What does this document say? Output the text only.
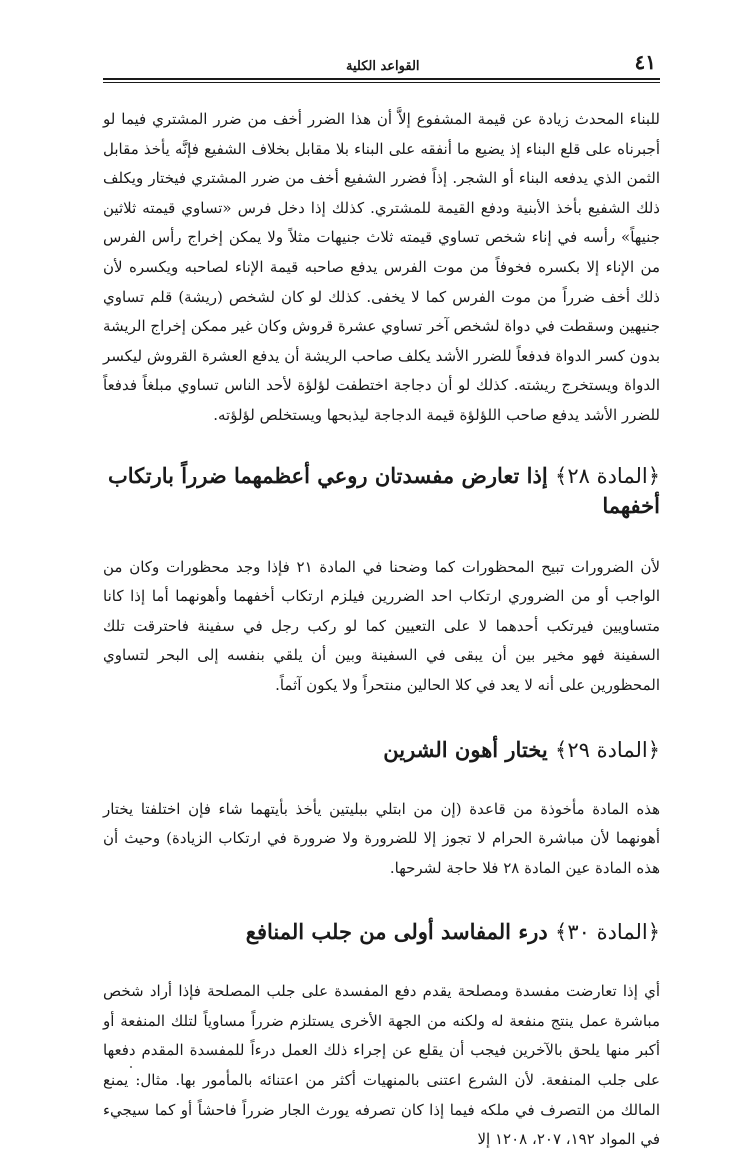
٤١
القواعد الكلية

للبناء المحدث زيادة عن قيمة المشفوع إلاَّ أن هذا الضرر أخف من ضرر المشتري فيما لو أجبرناه على قلع البناء إذ يضيع ما أنفقه على البناء بلا مقابل بخلاف الشفيع فإنَّه يأخذ مقابل الثمن الذي يدفعه البناء أو الشجر. إذاً فضرر الشفيع أخف من ضرر المشتري فيختار ويكلف ذلك الشفيع بأخذ الأبنية ودفع القيمة للمشتري. كذلك إذا دخل فرس «تساوي قيمته ثلاثين جنيهاً» رأسه في إناء شخص تساوي قيمته ثلاث جنيهات مثلاً ولا يمكن إخراج رأس الفرس من الإناء إلا بكسره فخوفاً من موت الفرس يدفع صاحبه قيمة الإناء لصاحبه ويكسره لأن ذلك أخف ضرراً من موت الفرس كما لا يخفى. كذلك لو كان لشخص (ريشة) قلم تساوي جنيهين وسقطت في دواة لشخص آخر تساوي عشرة قروش وكان غير ممكن إخراج الريشة بدون كسر الدواة فدفعاً للضرر الأشد يكلف صاحب الريشة أن يدفع العشرة القروش ليكسر الدواة ويستخرج ريشته. كذلك لو أن دجاجة اختطفت لؤلؤة لأحد الناس تساوي مبلغاً فدفعاً للضرر الأشد يدفع صاحب اللؤلؤة قيمة الدجاجة ليذبحها ويستخلص لؤلؤته.

﴿المادة ٢٨﴾ إذا تعارض مفسدتان روعي أعظمهما ضرراً بارتكاب أخفهما

لأن الضرورات تبيح المحظورات كما وضحنا في المادة ٢١ فإذا وجد محظورات وكان من الواجب أو من الضروري ارتكاب احد الضررين فيلزم ارتكاب أخفهما وأهونهما أما إذا كانا متساويين فيرتكب أحدهما لا على التعيين كما لو ركب رجل في سفينة فاحترقت تلك السفينة فهو مخير بين أن يبقى في السفينة وبين أن يلقي بنفسه إلى البحر لتساوي المحظورين على أنه لا يعد في كلا الحالين منتحراً ولا يكون آثماً.

﴿المادة ٢٩﴾ يختار أهون الشرين

هذه المادة مأخوذة من قاعدة (إن من ابتلي ببليتين يأخذ بأيتهما شاء فإن اختلفتا يختار أهونهما لأن مباشرة الحرام لا تجوز إلا للضرورة ولا ضرورة في ارتكاب الزيادة) وحيث أن هذه المادة عين المادة ٢٨ فلا حاجة لشرحها.

﴿المادة ٣٠﴾ درء المفاسد أولى من جلب المنافع

أي إذا تعارضت مفسدة ومصلحة يقدم دفع المفسدة على جلب المصلحة فإذا أراد شخص مباشرة عمل ينتج منفعة له ولكنه من الجهة الأخرى يستلزم ضرراً مساوياً لتلك المنفعة أو أكبر منها يلحق بالآخرين فيجب أن يقلع عن إجراء ذلك العمل درءاً للمفسدة المقدم دفعها على جلب المنفعة. لأن الشرع اعتنى بالمنهيات أكثر من اعتنائه بالمأمور بها. مثال: يمنع المالك من التصرف في ملكه فيما إذا كان تصرفه يورث الجار ضرراً فاحشاً أو كما سيجيء في المواد ١٩٢، ٢٠٧، ١٢٠٨ إلا
